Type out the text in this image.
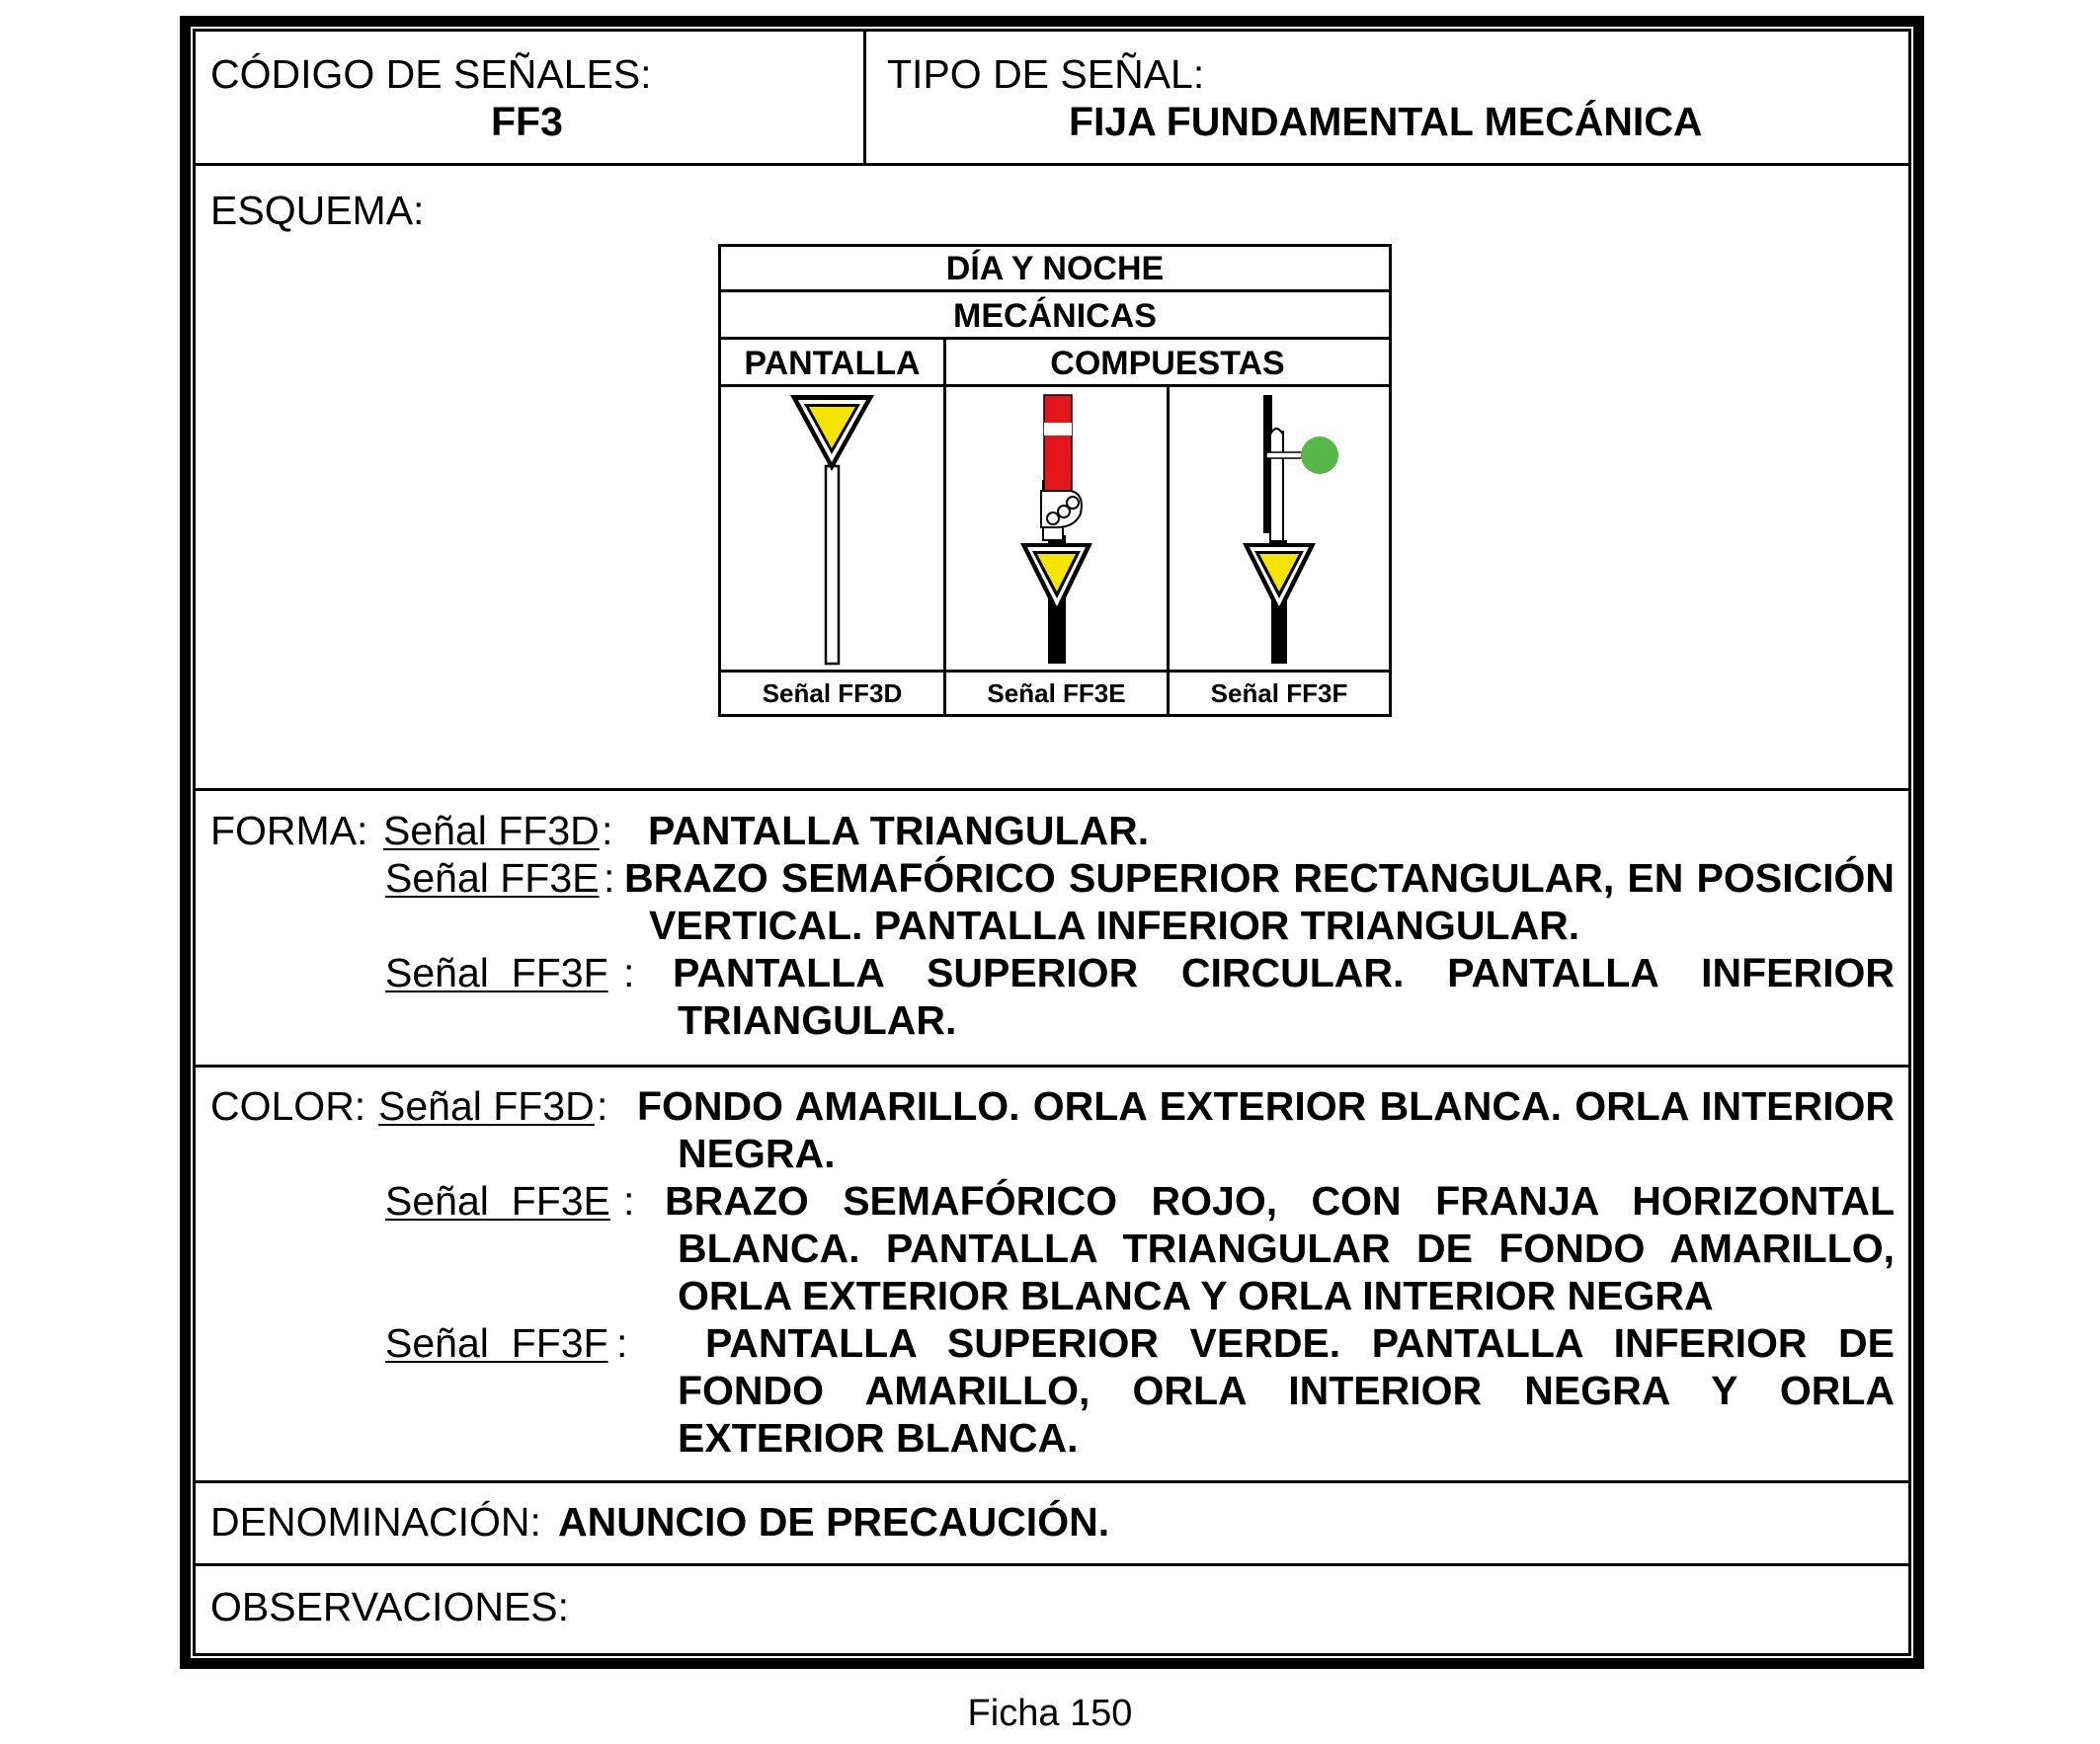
CÓDIGO DE SEÑALES:
FF3
TIPO DE SEÑAL:
FIJA FUNDAMENTAL MECÁNICA
ESQUEMA:
DÍA Y NOCHE
MECÁNICAS
PANTALLA	COMPUESTAS
Señal FF3D	Señal FF3E	Señal FF3F
FORMA: Señal FF3D : PANTALLA TRIANGULAR.
Señal FF3E : BRAZO SEMAFÓRICO SUPERIOR RECTANGULAR, EN POSICIÓN
VERTICAL. PANTALLA INFERIOR TRIANGULAR.
Señal  FF3F : PANTALLA SUPERIOR CIRCULAR. PANTALLA INFERIOR
TRIANGULAR.
COLOR: Señal FF3D : FONDO AMARILLO. ORLA EXTERIOR BLANCA. ORLA INTERIOR
NEGRA.
Señal  FF3E : BRAZO SEMAFÓRICO ROJO, CON FRANJA HORIZONTAL
BLANCA. PANTALLA TRIANGULAR DE FONDO AMARILLO,
ORLA EXTERIOR BLANCA Y ORLA INTERIOR NEGRA
Señal  FF3F : PANTALLA SUPERIOR VERDE. PANTALLA INFERIOR DE
FONDO AMARILLO, ORLA INTERIOR NEGRA Y ORLA
EXTERIOR BLANCA.
DENOMINACIÓN: ANUNCIO DE PRECAUCIÓN.
OBSERVACIONES:
Ficha 150
